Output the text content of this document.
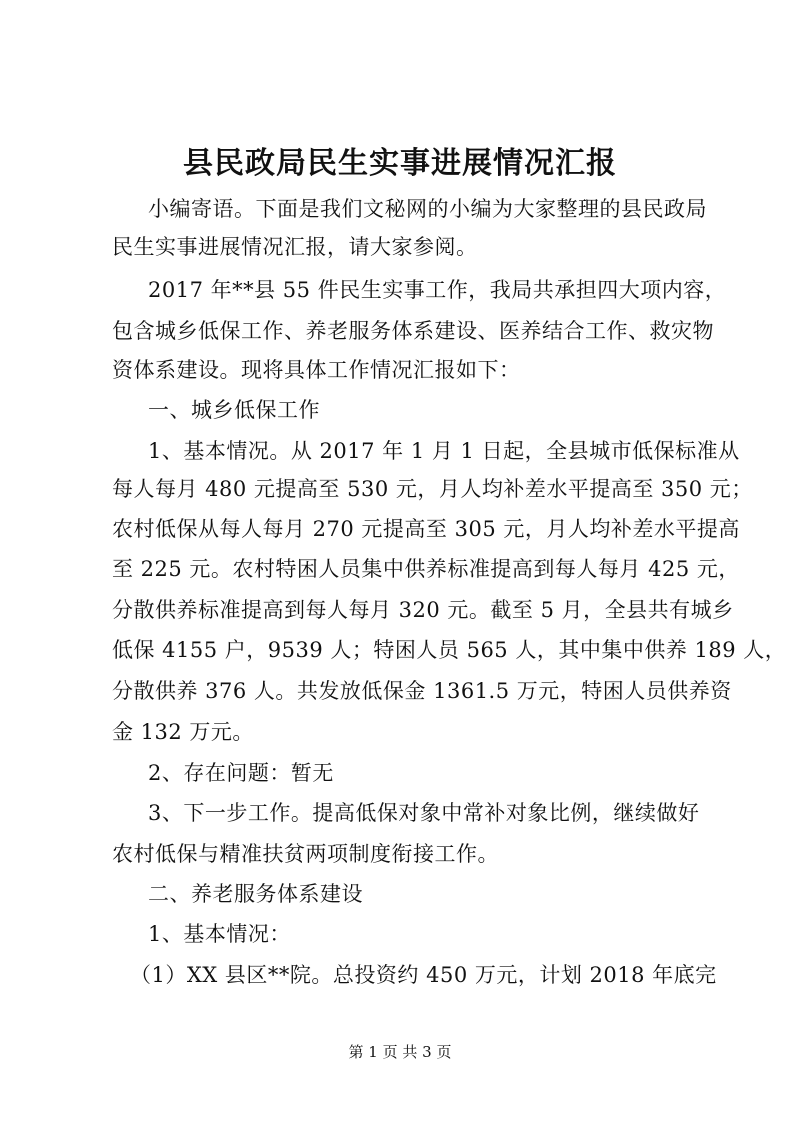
县民政局民生实事进展情况汇报
小编寄语。下面是我们文秘网的小编为大家整理的县民政局
民生实事进展情况汇报，请大家参阅。
2017 年**县 55 件民生实事工作，我局共承担四大项内容，
包含城乡低保工作、养老服务体系建设、医养结合工作、救灾物
资体系建设。现将具体工作情况汇报如下：
一、城乡低保工作
1、基本情况。从 2017 年 1 月 1 日起，全县城市低保标准从
每人每月 480 元提高至 530 元，月人均补差水平提高至 350 元；
农村低保从每人每月 270 元提高至 305 元，月人均补差水平提高
至 225 元。农村特困人员集中供养标准提高到每人每月 425 元，
分散供养标准提高到每人每月 320 元。截至 5 月，全县共有城乡
低保 4155 户，9539 人；特困人员 565 人，其中集中供养 189 人，
分散供养 376 人。共发放低保金 1361.5 万元，特困人员供养资
金 132 万元。
2、存在问题：暂无
3、下一步工作。提高低保对象中常补对象比例，继续做好
农村低保与精准扶贫两项制度衔接工作。
二、养老服务体系建设
1、基本情况：
（1）XX 县区**院。总投资约 450 万元，计划 2018 年底完
第 1 页 共 3 页
